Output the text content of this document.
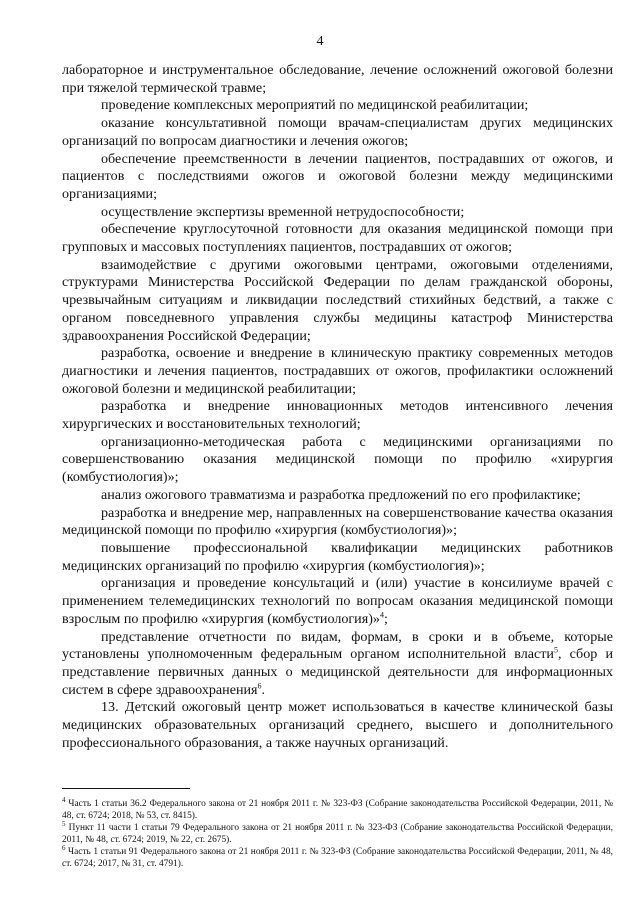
4

лабораторное и инструментальное обследование, лечение осложнений ожоговой болезни при тяжелой термической травме;

проведение комплексных мероприятий по медицинской реабилитации;

оказание консультативной помощи врачам-специалистам других медицинских организаций по вопросам диагностики и лечения ожогов;

обеспечение преемственности в лечении пациентов, пострадавших от ожогов, и пациентов с последствиями ожогов и ожоговой болезни между медицинскими организациями;

осуществление экспертизы временной нетрудоспособности;

обеспечение круглосуточной готовности для оказания медицинской помощи при групповых и массовых поступлениях пациентов, пострадавших от ожогов;

взаимодействие с другими ожоговыми центрами, ожоговыми отделениями, структурами Министерства Российской Федерации по делам гражданской обороны, чрезвычайным ситуациям и ликвидации последствий стихийных бедствий, а также с органом повседневного управления службы медицины катастроф Министерства здравоохранения Российской Федерации;

разработка, освоение и внедрение в клиническую практику современных методов диагностики и лечения пациентов, пострадавших от ожогов, профилактики осложнений ожоговой болезни и медицинской реабилитации;

разработка и внедрение инновационных методов интенсивного лечения хирургических и восстановительных технологий;

организационно-методическая работа с медицинскими организациями по совершенствованию оказания медицинской помощи по профилю «хирургия (комбустиология)»;

анализ ожогового травматизма и разработка предложений по его профилактике;

разработка и внедрение мер, направленных на совершенствование качества оказания медицинской помощи по профилю «хирургия (комбустиология)»;

повышение профессиональной квалификации медицинских работников медицинских организаций по профилю «хирургия (комбустиология)»;

организация и проведение консультаций и (или) участие в консилиуме врачей с применением телемедицинских технологий по вопросам оказания медицинской помощи взрослым по профилю «хирургия (комбустиология)»$^4$;

представление отчетности по видам, формам, в сроки и в объеме, которые установлены уполномоченным федеральным органом исполнительной власти$^5$, сбор и представление первичных данных о медицинской деятельности для информационных систем в сфере здравоохранения$^6$.

13. Детский ожоговый центр может использоваться в качестве клинической базы медицинских образовательных организаций среднего, высшего и дополнительного профессионального образования, а также научных организаций.

$^4$ Часть 1 статьи 36.2 Федерального закона от 21 ноября 2011 г. № 323-ФЗ (Собрание законодательства Российской Федерации, 2011, № 48, ст. 6724; 2018, № 53, ст. 8415).

$^5$ Пункт 11 части 1 статьи 79 Федерального закона от 21 ноября 2011 г. № 323-ФЗ (Собрание законодательства Российской Федерации, 2011, № 48, ст. 6724; 2019, № 22, ст. 2675).

$^6$ Часть 1 статьи 91 Федерального закона от 21 ноября 2011 г. № 323-ФЗ (Собрание законодательства Российской Федерации, 2011, № 48, ст. 6724; 2017, № 31, ст. 4791).
